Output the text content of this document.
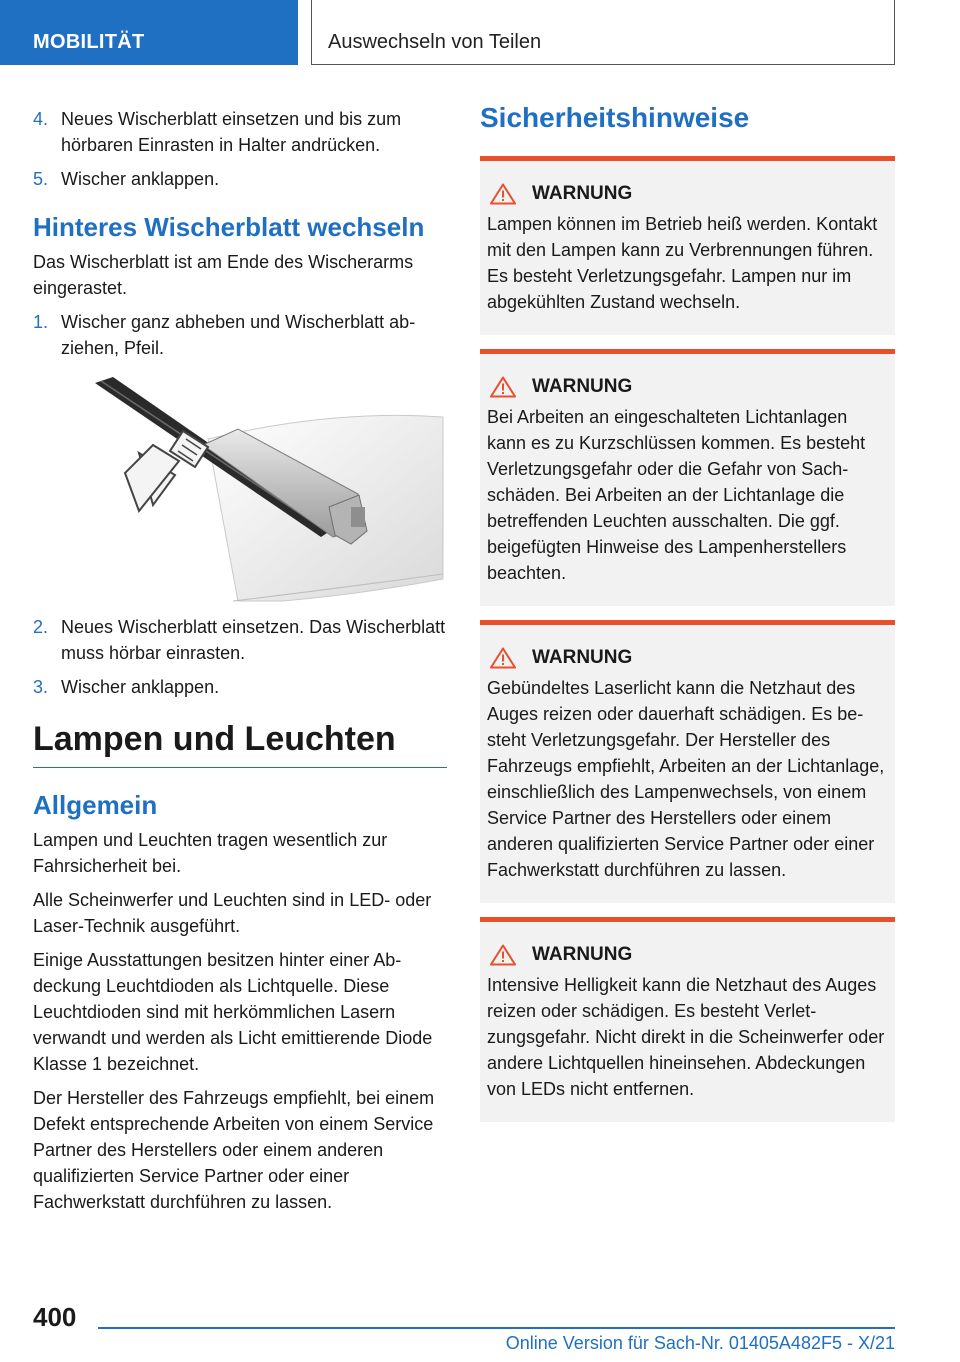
MOBILITÄT	Auswechseln von Teilen
4. Neues Wischerblatt einsetzen und bis zum hörbaren Einrasten in Halter andrücken.
5. Wischer anklappen.
Hinteres Wischerblatt wechseln
Das Wischerblatt ist am Ende des Wischerarms eingerastet.
1. Wischer ganz abheben und Wischerblatt abziehen, Pfeil.
2. Neues Wischerblatt einsetzen. Das Wischerblatt muss hörbar einrasten.
3. Wischer anklappen.
Lampen und Leuchten
Allgemein
Lampen und Leuchten tragen wesentlich zur Fahrsicherheit bei.
Alle Scheinwerfer und Leuchten sind in LED- oder Laser-Technik ausgeführt.
Einige Ausstattungen besitzen hinter einer Abdeckung Leuchtdioden als Lichtquelle. Diese Leuchtdioden sind mit herkömmlichen Lasern verwandt und werden als Licht emittierende Diode Klasse 1 bezeichnet.
Der Hersteller des Fahrzeugs empfiehlt, bei einem Defekt entsprechende Arbeiten von einem Service Partner des Herstellers oder einem anderen qualifizierten Service Partner oder einer Fachwerkstatt durchführen zu lassen.
Sicherheitshinweise
WARNUNG
Lampen können im Betrieb heiß werden. Kontakt mit den Lampen kann zu Verbrennungen führen. Es besteht Verletzungsgefahr. Lampen nur im abgekühlten Zustand wechseln.
WARNUNG
Bei Arbeiten an eingeschalteten Lichtanlagen kann es zu Kurzschlüssen kommen. Es besteht Verletzungsgefahr oder die Gefahr von Sachschäden. Bei Arbeiten an der Lichtanlage die betreffenden Leuchten ausschalten. Die ggf. beigefügten Hinweise des Lampenherstellers beachten.
WARNUNG
Gebündeltes Laserlicht kann die Netzhaut des Auges reizen oder dauerhaft schädigen. Es besteht Verletzungsgefahr. Der Hersteller des Fahrzeugs empfiehlt, Arbeiten an der Lichtanlage, einschließlich des Lampenwechsels, von einem Service Partner des Herstellers oder einem anderen qualifizierten Service Partner oder einer Fachwerkstatt durchführen zu lassen.
WARNUNG
Intensive Helligkeit kann die Netzhaut des Auges reizen oder schädigen. Es besteht Verletzungsgefahr. Nicht direkt in die Scheinwerfer oder andere Lichtquellen hineinsehen. Abdeckungen von LEDs nicht entfernen.
400
Online Version für Sach-Nr. 01405A482F5 - X/21
